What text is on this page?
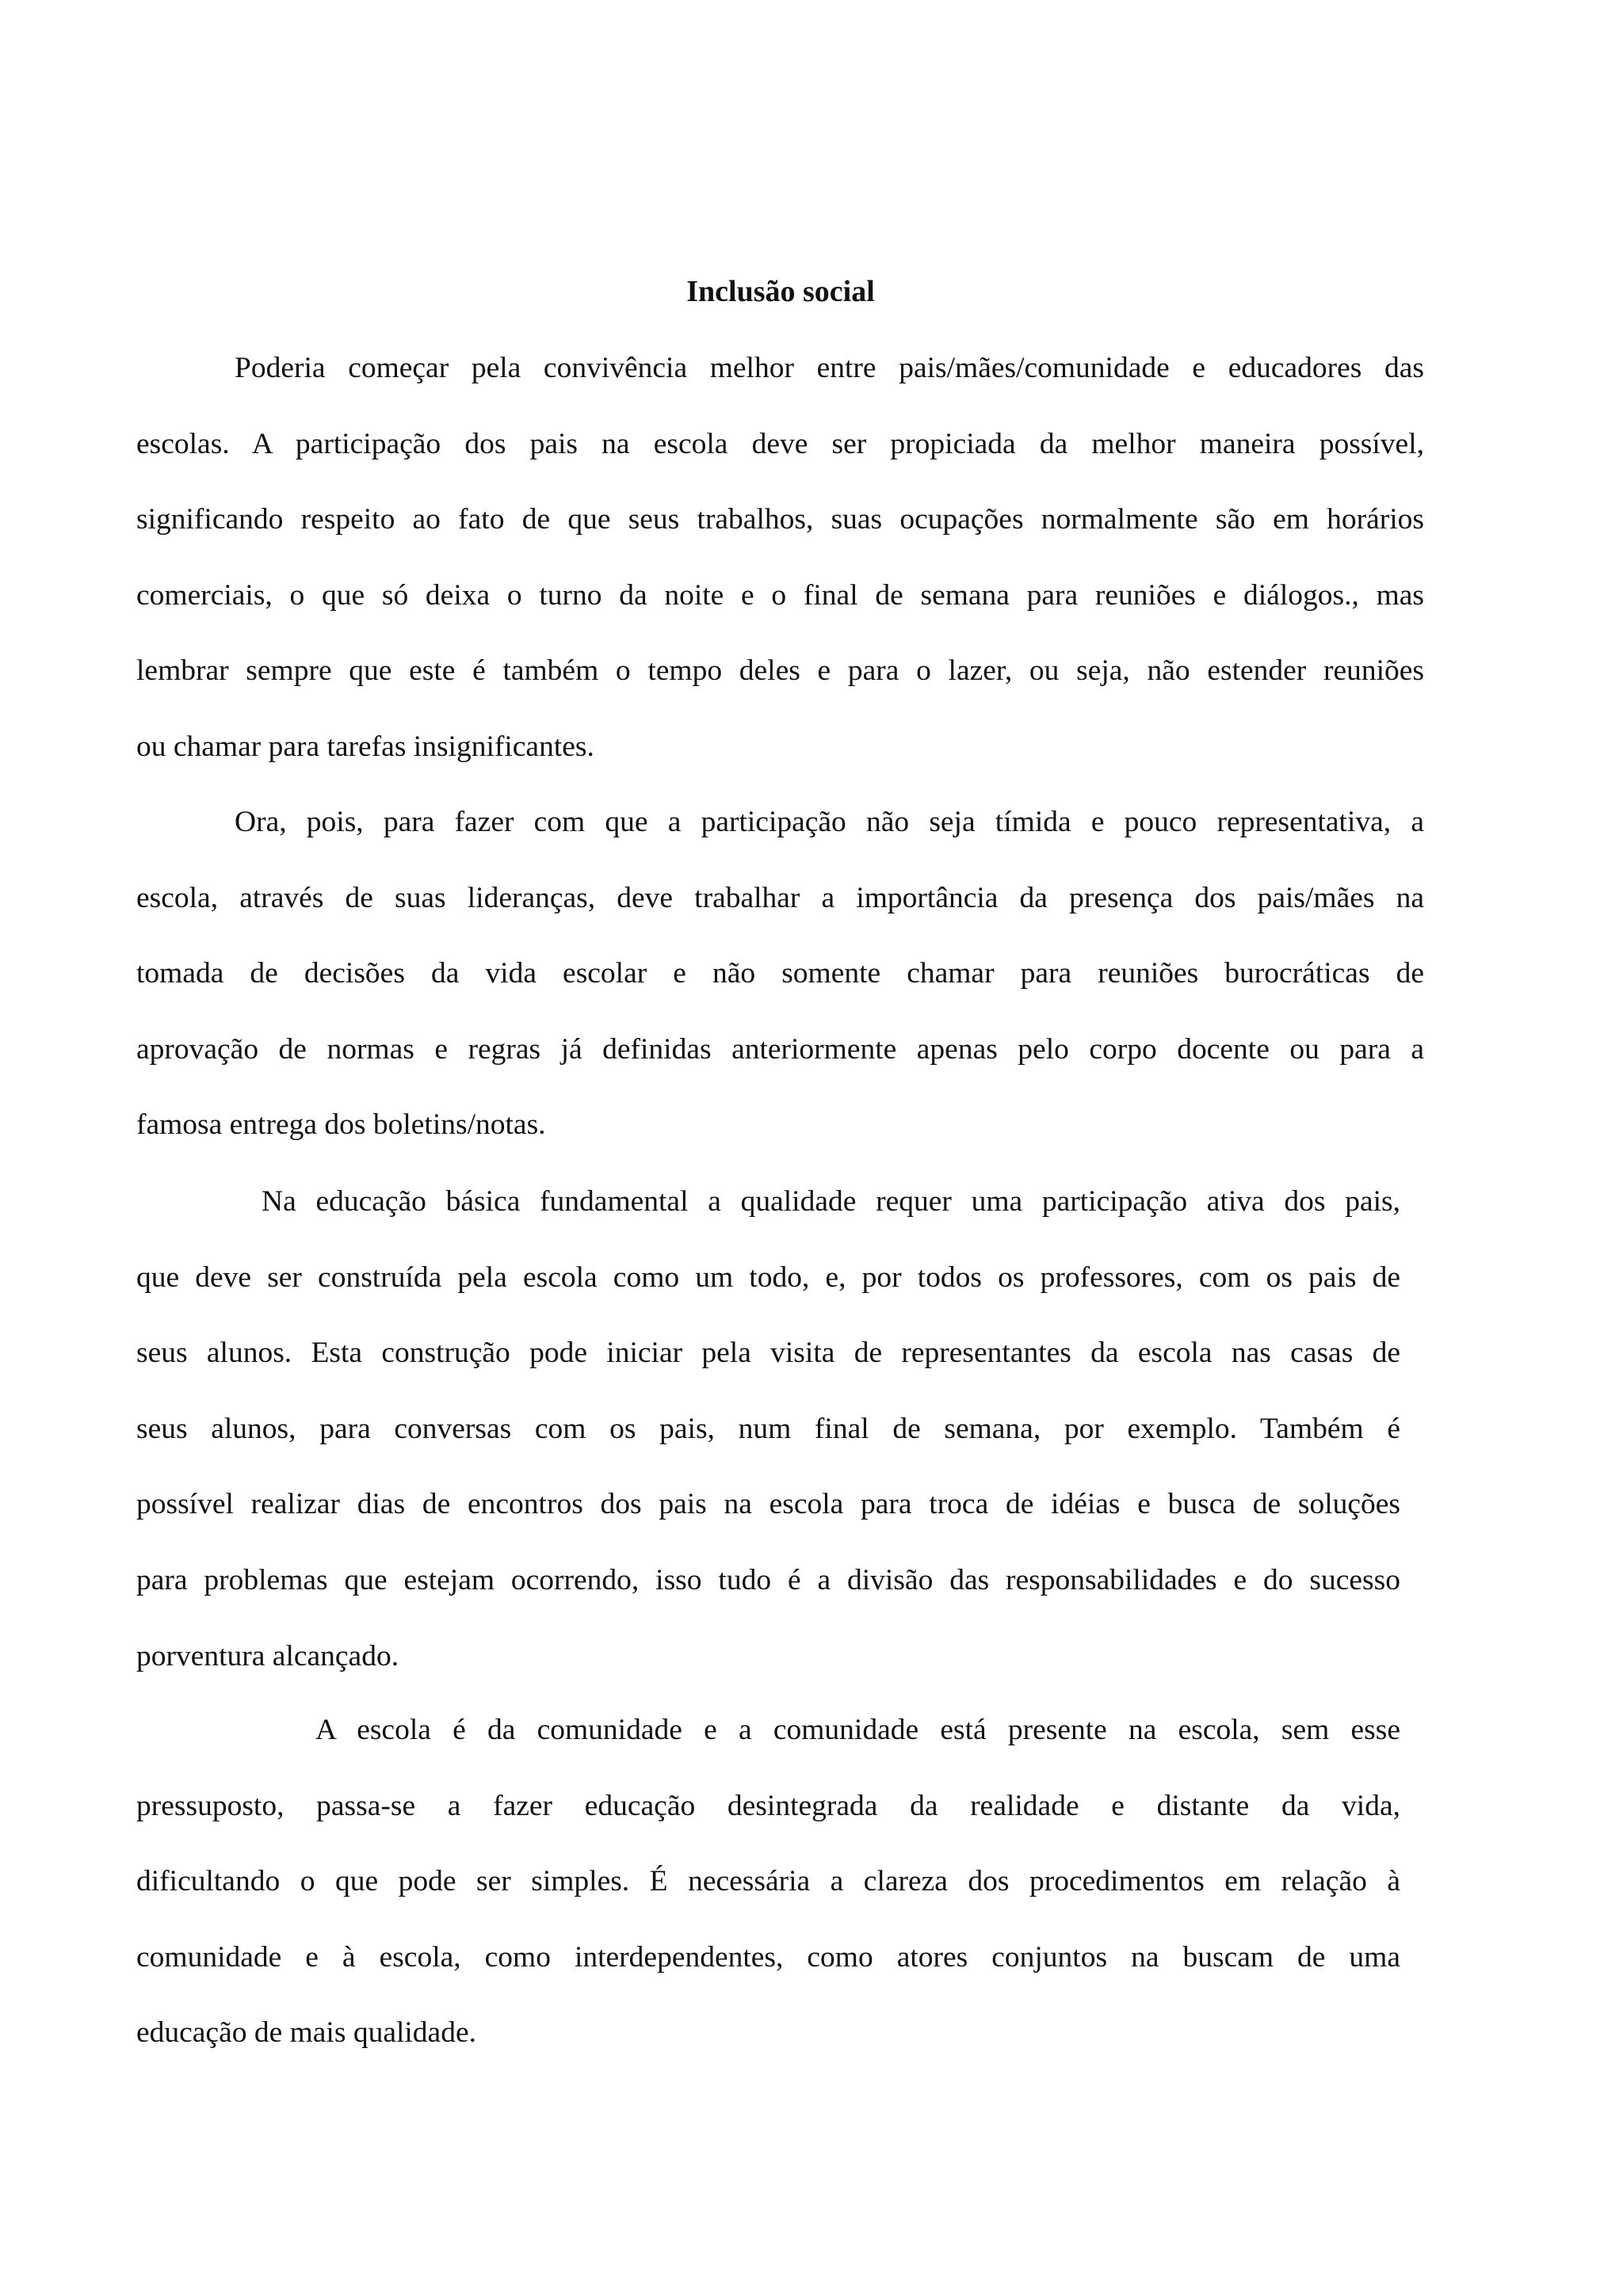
Inclusão social

Poderia começar pela convivência melhor entre pais/mães/comunidade e educadores das
escolas. A participação dos pais na escola deve ser propiciada da melhor maneira possível,
significando respeito ao fato de que seus trabalhos, suas ocupações normalmente são em horários
comerciais, o que só deixa o turno da noite e o final de semana para reuniões e diálogos., mas
lembrar sempre que este é também o tempo deles e para o lazer, ou seja, não estender reuniões
ou chamar para tarefas insignificantes.

Ora, pois, para fazer com que a participação não seja tímida e pouco representativa, a
escola, através de suas lideranças, deve trabalhar a importância da presença dos pais/mães na
tomada de decisões da vida escolar e não somente chamar para reuniões burocráticas de
aprovação de normas e regras já definidas anteriormente apenas pelo corpo docente ou para a
famosa entrega dos boletins/notas.

Na educação básica fundamental a qualidade requer uma participação ativa dos pais,
que deve ser construída pela escola como um todo, e, por todos os professores, com os pais de
seus alunos. Esta construção pode iniciar pela visita de representantes da escola nas casas de
seus alunos, para conversas com os pais, num final de semana, por exemplo. Também é
possível realizar dias de encontros dos pais na escola para troca de idéias e busca de soluções
para problemas que estejam ocorrendo, isso tudo é a divisão das responsabilidades e do sucesso
porventura alcançado.

A escola é da comunidade e a comunidade está presente na escola, sem esse
pressuposto, passa-se a fazer educação desintegrada da realidade e distante da vida,
dificultando o que pode ser simples. É necessária a clareza dos procedimentos em relação à
comunidade e à escola, como interdependentes, como atores conjuntos na buscam de uma
educação de mais qualidade.
